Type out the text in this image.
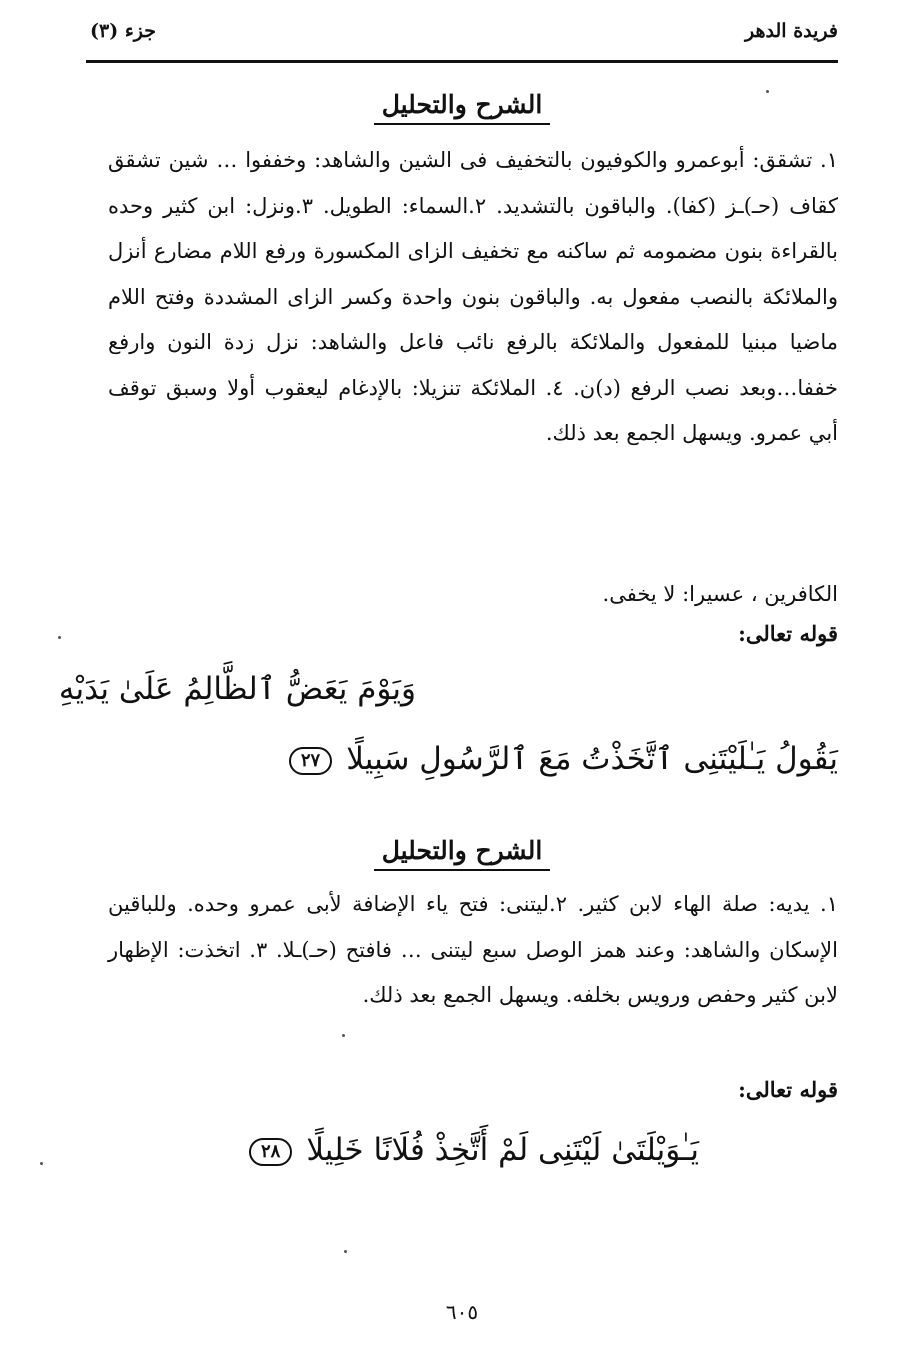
فريدة الدهر
جزء (٣)
الشرح والتحليل
١. تشقق: أبوعمرو والكوفيون بالتخفيف فى الشين والشاهد: وخففوا … شين تشقق كقاف (حـ)ـز (كفا). والباقون بالتشديد. ٢.السماء: الطويل. ٣.ونزل: ابن كثير وحده بالقراءة بنون مضمومه ثم ساكنه مع تخفيف الزاى المكسورة ورفع اللام مضارع أنزل والملائكة بالنصب مفعول به. والباقون بنون واحدة وكسر الزاى المشددة وفتح اللام ماضيا مبنيا للمفعول والملائكة بالرفع نائب فاعل والشاهد: نزل زدة النون وارفع خففا…وبعد نصب الرفع (د)ن. ٤. الملائكة تنزيلا: بالإدغام ليعقوب أولا وسبق توقف أبي عمرو. ويسهل الجمع بعد ذلك.
الكافرين ، عسيرا: لا يخفى.
قوله تعالى:
وَيَوْمَ يَعَضُّ ٱلظَّالِمُ عَلَىٰ يَدَيْهِ
يَقُولُ يَـٰلَيْتَنِى ٱتَّخَذْتُ مَعَ ٱلرَّسُولِ سَبِيلًا٢٧
الشرح والتحليل
١. يديه: صلة الهاء لابن كثير. ٢.ليتنى: فتح ياء الإضافة لأبى عمرو وحده. وللباقين الإسكان والشاهد: وعند همز الوصل سبع ليتنى … فافتح (حـ)ـلا. ٣. اتخذت: الإظهار لابن كثير وحفص ورويس بخلفه. ويسهل الجمع بعد ذلك.
قوله تعالى:
يَـٰوَيْلَتَىٰ لَيْتَنِى لَمْ أَتَّخِذْ فُلَانًا خَلِيلًا٢٨
٦٠٥
